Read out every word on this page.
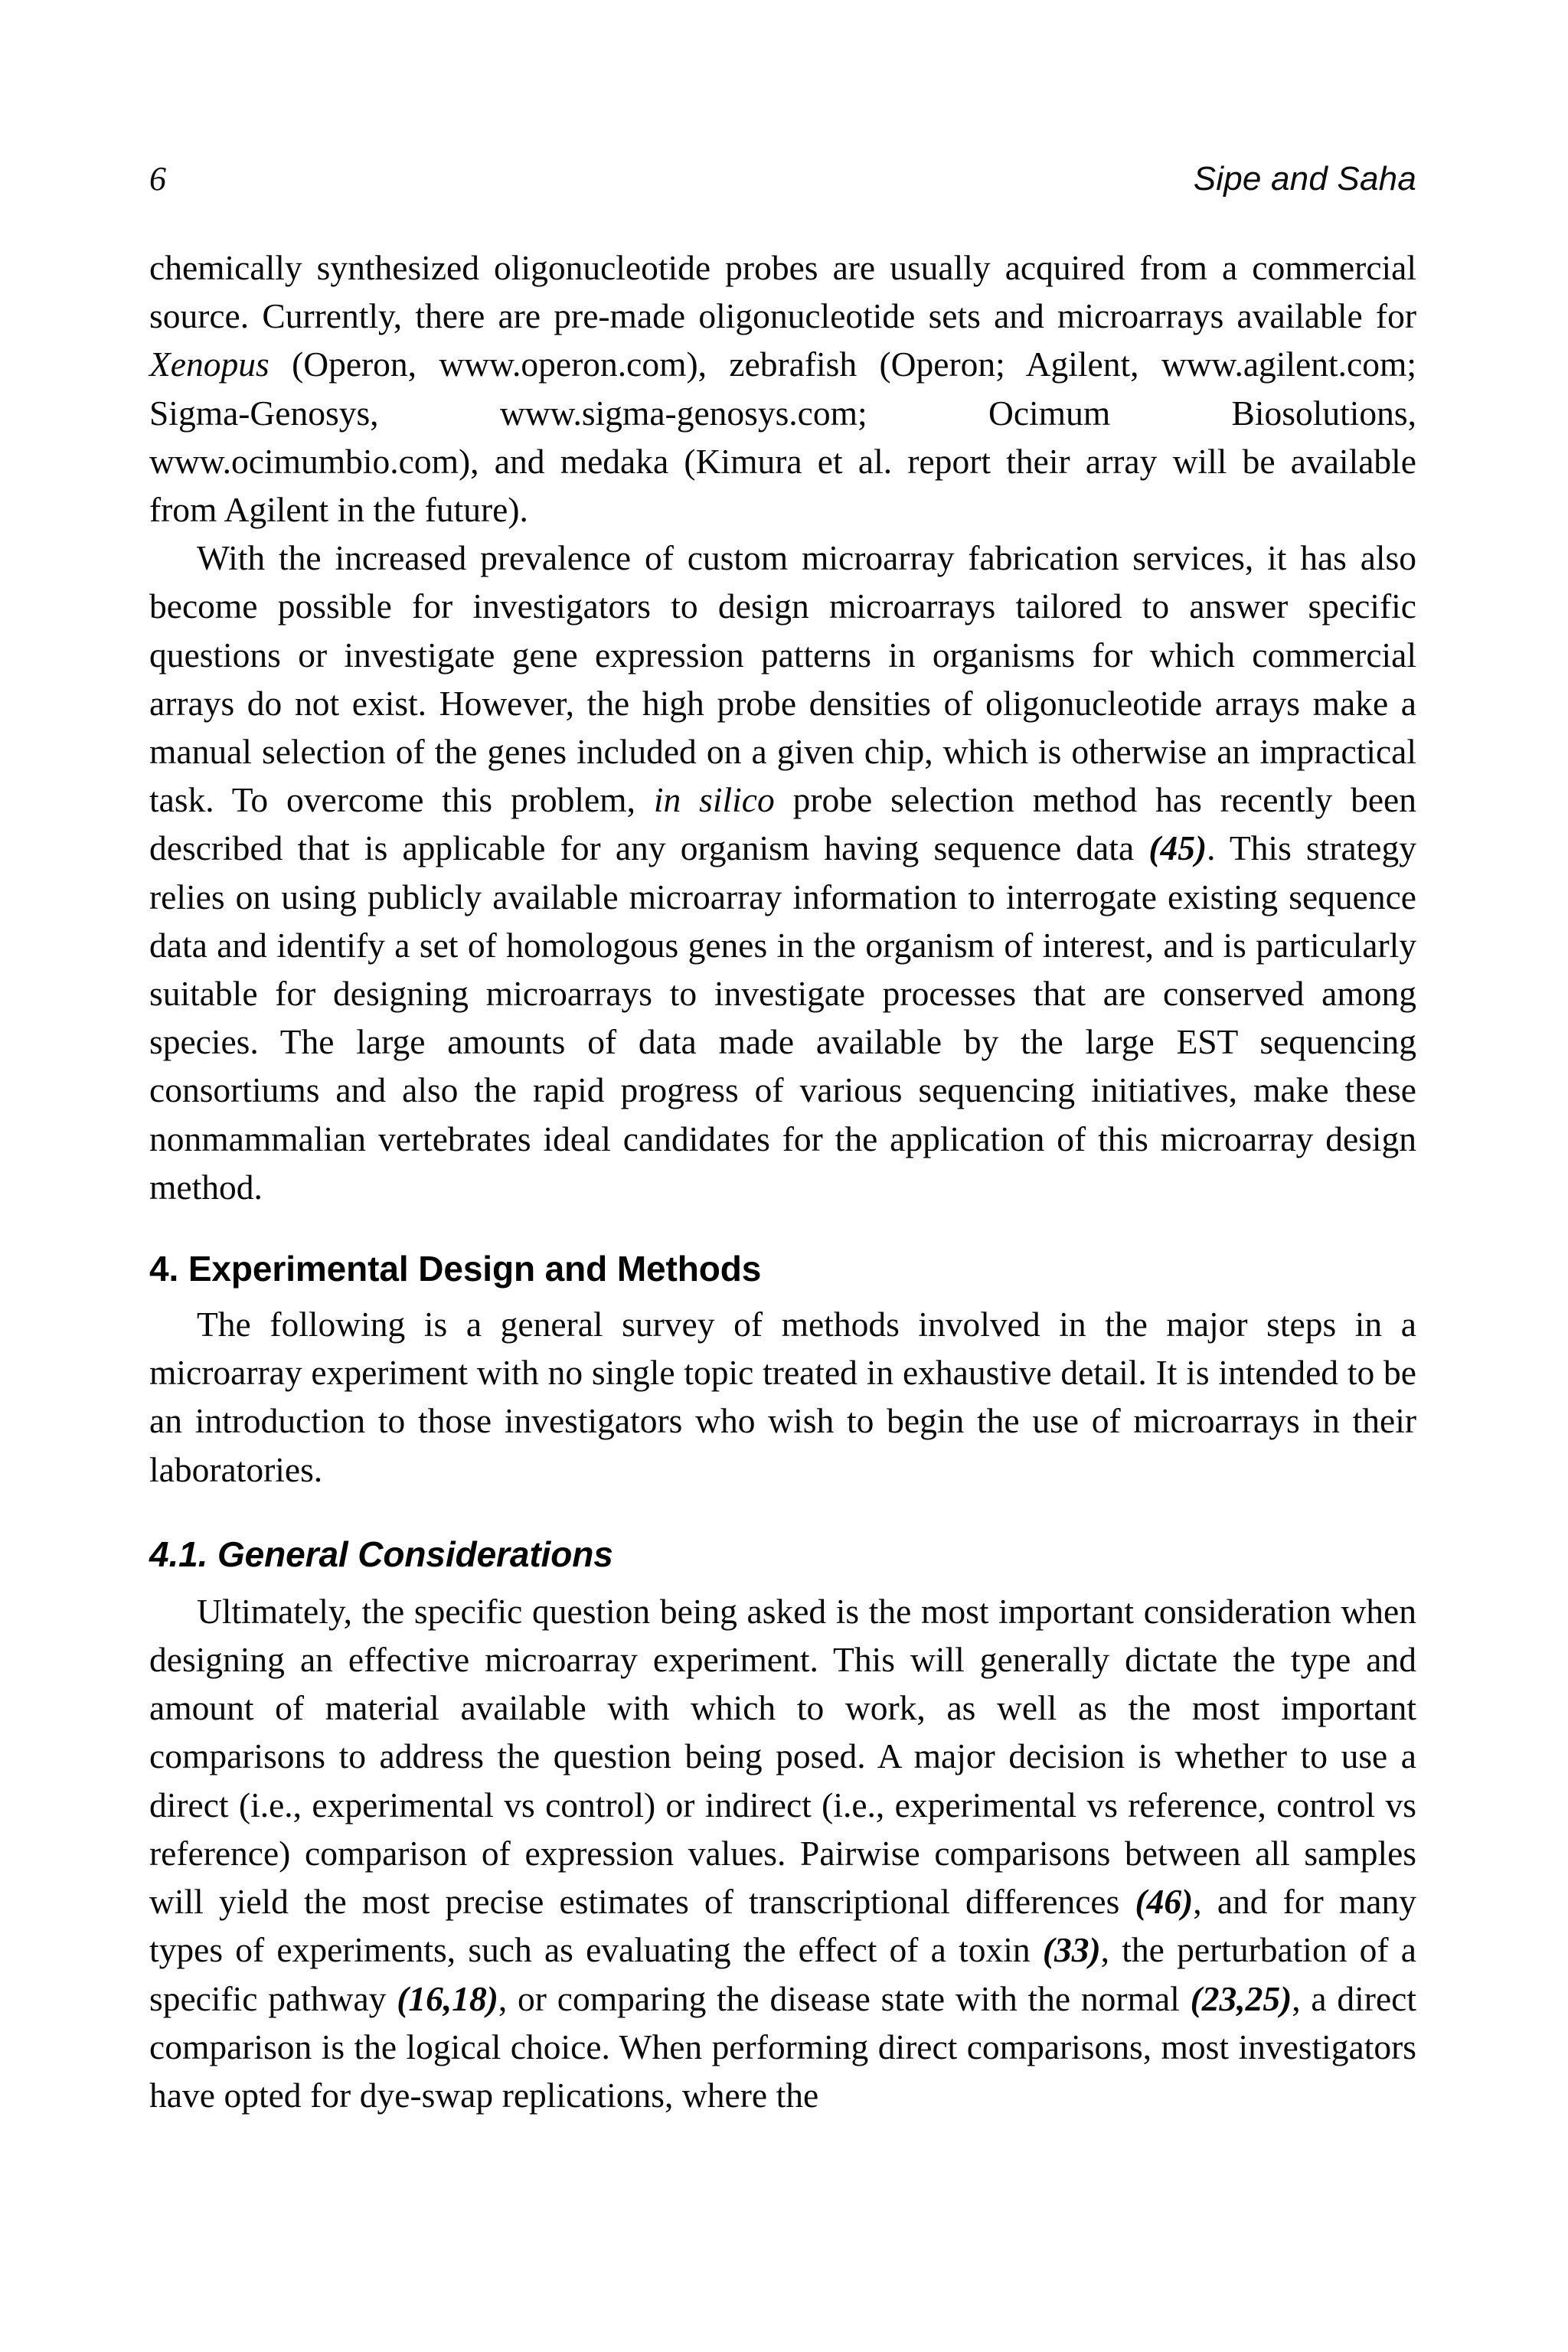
6	Sipe and Saha

chemically synthesized oligonucleotide probes are usually acquired from a commercial source. Currently, there are pre-made oligonucleotide sets and microarrays available for Xenopus (Operon, www.operon.com), zebrafish (Operon; Agilent, www.agilent.com; Sigma-Genosys, www.sigma-genosys.com; Ocimum Biosolutions, www.ocimumbio.com), and medaka (Kimura et al. report their array will be available from Agilent in the future).

With the increased prevalence of custom microarray fabrication services, it has also become possible for investigators to design microarrays tailored to answer specific questions or investigate gene expression patterns in organisms for which commercial arrays do not exist. However, the high probe densities of oligonucleotide arrays make a manual selection of the genes included on a given chip, which is otherwise an impractical task. To overcome this problem, in silico probe selection method has recently been described that is applicable for any organism having sequence data (45). This strategy relies on using publicly available microarray information to interrogate existing sequence data and identify a set of homologous genes in the organism of interest, and is particularly suitable for designing microarrays to investigate processes that are conserved among species. The large amounts of data made available by the large EST sequencing consortiums and also the rapid progress of various sequencing initiatives, make these nonmammalian vertebrates ideal candidates for the application of this microarray design method.

4. Experimental Design and Methods

The following is a general survey of methods involved in the major steps in a microarray experiment with no single topic treated in exhaustive detail. It is intended to be an introduction to those investigators who wish to begin the use of microarrays in their laboratories.

4.1. General Considerations

Ultimately, the specific question being asked is the most important consideration when designing an effective microarray experiment. This will generally dictate the type and amount of material available with which to work, as well as the most important comparisons to address the question being posed. A major decision is whether to use a direct (i.e., experimental vs control) or indirect (i.e., experimental vs reference, control vs reference) comparison of expression values. Pairwise comparisons between all samples will yield the most precise estimates of transcriptional differences (46), and for many types of experiments, such as evaluating the effect of a toxin (33), the perturbation of a specific pathway (16,18), or comparing the disease state with the normal (23,25), a direct comparison is the logical choice. When performing direct comparisons, most investigators have opted for dye-swap replications, where the
